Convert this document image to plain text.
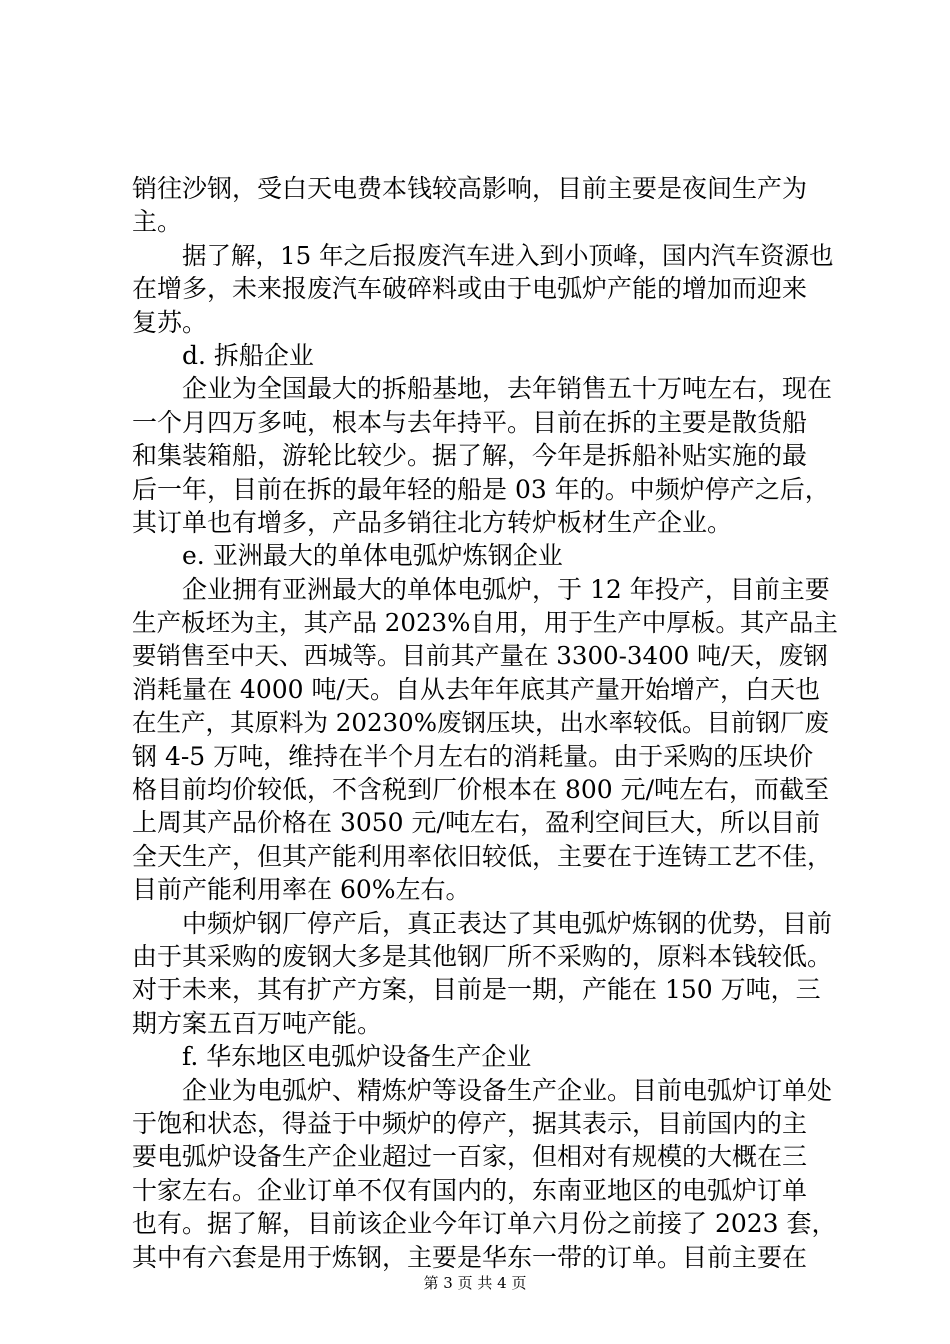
销往沙钢，受白天电费本钱较高影响，目前主要是夜间生产为
主。
据了解，15 年之后报废汽车进入到小顶峰，国内汽车资源也
在增多，未来报废汽车破碎料或由于电弧炉产能的增加而迎来
复苏。
d. 拆船企业
企业为全国最大的拆船基地，去年销售五十万吨左右，现在
一个月四万多吨，根本与去年持平。目前在拆的主要是散货船
和集装箱船，游轮比较少。据了解，今年是拆船补贴实施的最
后一年，目前在拆的最年轻的船是 03 年的。中频炉停产之后，
其订单也有增多，产品多销往北方转炉板材生产企业。
e. 亚洲最大的单体电弧炉炼钢企业
企业拥有亚洲最大的单体电弧炉，于 12 年投产，目前主要
生产板坯为主，其产品 2023%自用，用于生产中厚板。其产品主
要销售至中天、西城等。目前其产量在 3300-3400 吨/天，废钢
消耗量在 4000 吨/天。自从去年年底其产量开始增产，白天也
在生产，其原料为 20230%废钢压块，出水率较低。目前钢厂废
钢 4-5 万吨，维持在半个月左右的消耗量。由于采购的压块价
格目前均价较低，不含税到厂价根本在 800 元/吨左右，而截至
上周其产品价格在 3050 元/吨左右，盈利空间巨大，所以目前
全天生产，但其产能利用率依旧较低，主要在于连铸工艺不佳，
目前产能利用率在 60%左右。
中频炉钢厂停产后，真正表达了其电弧炉炼钢的优势，目前
由于其采购的废钢大多是其他钢厂所不采购的，原料本钱较低。
对于未来，其有扩产方案，目前是一期，产能在 150 万吨，三
期方案五百万吨产能。
f. 华东地区电弧炉设备生产企业
企业为电弧炉、精炼炉等设备生产企业。目前电弧炉订单处
于饱和状态，得益于中频炉的停产，据其表示，目前国内的主
要电弧炉设备生产企业超过一百家，但相对有规模的大概在三
十家左右。企业订单不仅有国内的，东南亚地区的电弧炉订单
也有。据了解，目前该企业今年订单六月份之前接了 2023 套，
其中有六套是用于炼钢，主要是华东一带的订单。目前主要在
第 3 页 共 4 页
